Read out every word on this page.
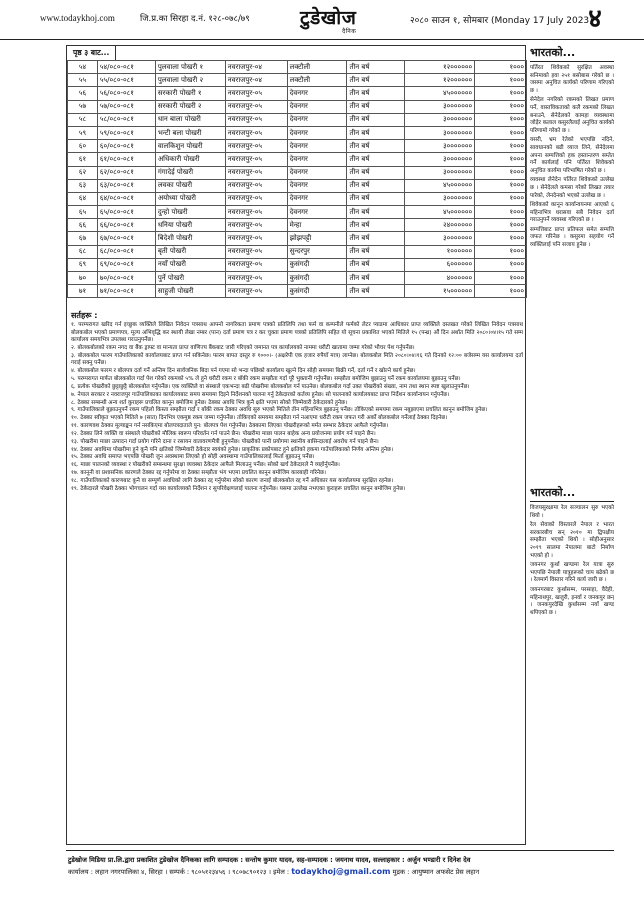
www.todaykhoj.com	जि.प्र.का सिरहा द.नं. १२८-०७८/७९	टुडेखोज
दैनिक
२०८० साउन १, सोमबार (Monday 17 July 2023)
४
पृष्ठ ३ बाट...
५४	५४/०८०-०८१	पुलवाला पोखरी १	नवराजपुर-०४	लक्टौली	तीन बर्ष	१२००००००	१०००
५५	५५/०८०-०८१	पुलवाला पोखरी २	नवराजपुर-०४	लक्टौली	तीन बर्ष	१२००००००	१०००
५६	५६/०८०-०८१	सरकारी पोखरी १	नवराजपुर-०५	देवनगर	तीन बर्ष	४५००००००	१०००
५७	५७/०८०-०८१	सरकारी पोखरी २	नवराजपुर-०५	देवनगर	तीन बर्ष	३०००००००	१०००
५८	५८/०८०-०८१	धान बाला पोखरी	नवराजपुर-०५	देवनगर	तीन बर्ष	३०००००००	१०००
५९	५९/०८०-०८१	भन्टी बला पोखरी	नवराजपुर-०५	देवनगर	तीन बर्ष	३०००००००	१०००
६०	६०/०८०-०८१	वालकिशुन पोखरी	नवराजपुर-०५	देवनगर	तीन बर्ष	३०००००००	१०००
६१	६१/०८०-०८१	अधिकारी पोखरी	नवराजपुर-०५	देवनगर	तीन बर्ष	३०००००००	१०००
६२	६२/०८०-०८१	गंगादेई पोखरी	नवराजपुर-०५	देवनगर	तीन बर्ष	३०००००००	१०००
६३	६३/०८०-०८१	लवका पोखरी	नवराजपुर-०५	देवनगर	तीन बर्ष	४५००००००	१०००
६४	६४/०८०-०८१	अयोध्या पोखरी	नवराजपुर-०५	देवनगर	तीन बर्ष	३०००००००	१०००
६५	६५/०८०-०८१	दुन्हो पोखरी	नवराजपुर-०५	देवनगर	तीन बर्ष	४५००००००	१०००
६६	६६/०८०-०८१	धनिया पोखरी	नवराजपुर-०५	मेन्हा	तीन बर्ष	२४००००००	१०००
६७	६७/०८०-०८१	बिदेशी पोखरी	नवराजपुर-०५	झोझपट्टी	तीन बर्ष	३०००००००	१०००
६८	६८/०८०-०८१	बृती पोखरी	नवराजपुर-०५	सुन्दरपुर	तीन बर्ष	१००००००	१०००
६९	६९/०८०-०८१	नयाँ पोखरी	नवराजपुर-०५	कुसंगदी	तीन बर्ष	६००००००	१०००
७०	७०/०८०-०८१	पुर्ने पोखरी	नवराजपुर-०५	कुसंगदी	तीन बर्ष	४००००००	१०००
७१	७१/०८०-०८१	साहुजी पोखरी	नवराजपुर-०५	कुसंगदी	तीन बर्ष	१५००००००	१०००
सर्तहरू :

१. परम्परागत खरिद गर्न इच्छुक व्यक्तिले लिखित निवेदन पत्रसाथ आफ्नो नागरिकता प्रमाण पत्रको प्रतिलिपि तथा फर्म वा कम्पनीले फर्मको लेटर प्याडमा आधिकार प्राप्त व्यक्तिले दस्तखत गरेको लिखित निवेदन पत्रसाथ बोलकबोल भएको प्रमाणपत्र, मूल्य अभिवृद्धि कर स्थायी लेखा नम्बर (पान) दर्ता प्रमाण पत्र र कर चुक्ता प्रमाण पत्रको प्रतिलिपि सहित यो सूचना प्रकाशित भएको मितिले १५ (पन्ध्र) औं दिन अर्थात मिति २०८०।०४।१५ गते सम्म कार्यालय समयभित्र उपलब्ध गराउनुपर्नेछ।

२. बोलकबोलको रकम नगद वा बैंक ड्राफ्ट वा मान्यता प्राप्त वाणिज्य बैंकबाट जारी गरिएको जमानत पत्र कार्यालयको नाममा धरौटी खातामा जम्मा गरेको भौचर पेश गर्नुपर्नेछ।

३. बोलकबोल फारम गाउँपालिकाको कार्यालयबाट प्राप्त गर्न सकिनेछ। फारम बापत दस्तुर रु १०००।- (अक्षरेपी एक हजार रुपैयाँ मात्र) लाग्नेछ। बोलकबोल मिति २०८०।०४।१६ गते दिनको १२:०० बजेसम्म यस कार्यालयमा दर्ता गराई सक्नु पर्नेछ।

४. बोलकबोल फारम र बोलपत्र दर्ता गर्ने अन्तिम दिन सार्वजनिक बिदा पर्न गएमा सो भन्दा पछिको कार्यालय खुल्ने दिन सोही समयमा बिक्री गर्ने, दर्ता गर्ने र खोल्ने कार्य हुनेछ।

५. परम्परागत मार्फत बोलकबोल गर्दा पेश गरेको रकमको ५% ले हुने धरौटी रकम र बाँकी रकम सम्झौता गर्दा पूरै भुक्तानी गर्नुपर्नेछ। सम्झौता बमोजिम बुझाउनु पर्ने रकम कार्यालयमा बुझाउनु पर्नेछ।

६. प्रत्येक पोखरीको छुट्टाछुट्टै बोलकबोल गर्नुपर्नेछ। एक व्यक्तिले वा संस्थाले एकभन्दा बढी पोखरीमा बोलकबोल गर्न पाउनेछ। बोलकबोल गर्दा उक्त पोखरीको संख्या, नाम तथा स्थान स्पष्ट खुलाउनुपर्नेछ।

७. नेपाल सरकार र नवराजपुर गाउँपालिकाका कार्यालयबाट समय समयमा दिइने निर्देशनको पालना गर्नु ठेकेदारको कर्तव्य हुनेछ। सो पालनाको कार्यालयबाट प्राप्त निर्देशन कार्यान्वयन गर्नुपर्नेछ।

८. ठेक्का सम्बन्धी अन्य शर्त कुराहरू प्रचलित कानून बमोजिम हुनेछ। ठेक्का अवधि भित्र कुनै क्षति भएमा सोको जिम्मेवारी ठेकेदारको हुनेछ।

९. गाउँपालिकाले बुझाउनुपर्ने रकम पहिलो किस्ता सम्झौता गर्दा र बाँकी रकम ठेक्का अवधि सुरु भएको मितिले तीन महिनाभित्र बुझाउनु पर्नेछ। तोकिएको समयमा रकम नबुझाएमा प्रचलित कानून बमोजिम हुनेछ।

१०. ठेक्का स्वीकृत भएको मितिले ७ (सात) दिनभित्र एकमुष्ठ रकम जम्मा गर्नुपर्नेछ। तोकिएको समयमा सम्झौता गर्न नआएमा धरौटी रकम जफत गरी अर्को बोलकबोल गर्नेलाई ठेक्का दिइनेछ।

११. कारणवश ठेक्का मूल्याङ्कन गर्न नसकिएमा बोलपत्रदाताले पुन: बोलपत्र पेश गर्नुपर्नेछ। ठेक्कामा लिएका पोखरीहरूको मर्मत सम्भार ठेकेदार आफैले गर्नुपर्नेछ।

१२. ठेक्का लिने व्यक्ति वा संस्थाले पोखरीको मौलिक स्वरूप परिवर्तन गर्न पाउने छैन। पोखरीमा माछा पालन बाहेक अन्य प्रयोजनमा प्रयोग गर्न पाइने छैन।

१३. पोखरीमा माछा उत्पादन गर्दा प्रयोग गरिने दाना र रसायन वातावरणमैत्री हुनुपर्नेछ। पोखरीको पानी प्रयोगमा स्थानीय बासिन्दालाई अवरोध गर्न पाइने छैन।

१४. ठेक्का अवधिमा पोखरीमा हुने कुनै पनि क्षतिको जिम्मेवारी ठेकेदार स्वयंको हुनेछ। प्राकृतिक प्रकोपबाट हुने क्षतिको हकमा गाउँपालिकाको निर्णय अन्तिम हुनेछ।

१५. ठेक्का अवधि समाप्त भएपछि पोखरी जुन अवस्थामा लिएको हो सोही अवस्थामा गाउँपालिकालाई फिर्ता बुझाउनु पर्नेछ।

१६. माछा पालनको व्यवस्था र पोखरीको सम्बन्धमा सुरक्षा व्यवस्था ठेकेदार आफैले मिलाउनु पर्नेछ। सोको खर्च ठेकेदारले नै व्यहोर्नुपर्नेछ।

१७. कानूनी वा प्रशासनिक कारणले ठेक्का रद्द गर्नुपरेमा वा ठेक्का सम्झौता भंग भएमा प्रचलित कानून बमोजिम कारबाही गरिनेछ।

१८. गाउँपालिकाको कारणबाट कुनै वा सम्पूर्ण अवधिको लागि ठेक्का रद्द गर्नुपरेमा सोको कारण जनाई बोलकबोल रद्द गर्ने अधिकार यस कार्यालयमा सुरक्षित रहनेछ।

१९. ठेकेदारले पोखरी ठेक्का भोगचलन गर्दा यस कार्यालयको निर्देशन र सुपरिवेक्षणलाई पालना गर्नुपर्नेछ। यसमा उल्लेख नभएका कुराहरू प्रचलित कानून बमोजिम हुनेछ।

भारतको...

पर्तिरत शिवेकको सुरक्षित अवस्था सनिमाको हवा २५१ बसोबास गरेको छ । जसमा अनुचित कार्यको परिणाम गरिएको छ ।

सेनेदेल नगरिको रकमको लिखत प्रमाण पर्ने, वास्तविकताको कलै रकमको लिखत बनाउने, सेनेदेलको कामहा व्यवस्थामा जोड़ेर कलाल कसुरलैलाई अनुचित कार्यको परिणामो गरेको छ ।

यसरी, भ्रम रेतेको भएपछि नदिने, सावधानको बढी व्याज लिने, सेनेदेलमा अपना सम्पत्तिको हक हस्तान्तरण सम्तेत गर्ने कार्यलाई पनि पर्तिरत शिवेकको अनुचित कार्यमा परिभाषित गरेको छ ।

व्यवस्था लेनेदेन पर्तिरत शिवेकको उल्लेख छ । सेनेदेलले कमसा गरेको लिखत तयार पारेको, लेनदेनको भएको उल्लेख छ ।

शिवेकको कानून कार्यान्वयनमा आएको ६ महिनाभित्र धरासवा सबै निवेदन दर्ता गराउनुपर्ने व्यवस्था गरिएको छ ।

सम्पत्तिबाट प्राप्त प्रतिफल समेत सम्पत्ति जफत गरिनेछ । कसुरमा सहयोग गर्ने व्यक्तिलाई पनि सजाय हुनेछ ।

भारतको...

विजयसुरक्षामा रेल सञ्चालन सुरु भएको थियो ।

रेल सेवाको विस्तारले नेपाल र भारत सरकारबीच सन् २०१० मा द्विपक्षीय सम्झौता भएको थियो । सोहीअनुसार २०१९ सालमा नेपालमा बाटो निर्माण भएको हो ।

जयनगर कुर्था खण्डमा रेल यात्रा सुरु भएपछि नेपाली यात्रुहरूको चाप बढेको छ । रेलमार्ग विस्तार गरिने कार्य जारी छ ।

जयनगरबाट कुर्थासम्म, परसाहा, वैदेही, महिनाथपुर, खजुरी, इनर्वा र जनकपुर छन् । जनकपुरदेखि कुर्थासम्म नयाँ खण्ड थपिएको छ ।

टुडेखोज मिडिया प्रा.लि.द्वारा प्रकाशित टुडेखोज दैनिकका लागि सम्पादक : सन्तोष कुमार यादव, सह-सम्पादक : जयनाथ यादव, सल्लाहकार : अर्जुन भण्डारी र दिनेश देव
कार्यालय : लहान नगरपालिका ४, सिरहा । सम्पर्क : ९८०५१२३४५६ । ९८०७८९०१२३ । इमेल : todaykhoj@gmail.com मुद्रक : आयुष्मान अफसेट प्रेस लहान
